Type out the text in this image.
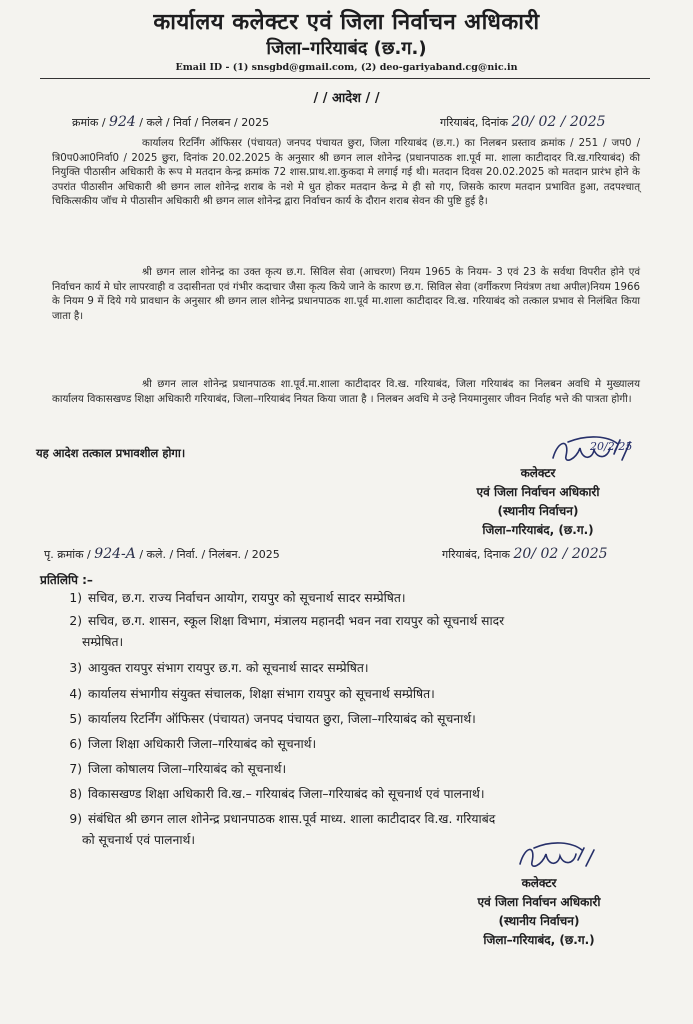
कार्यालय कलेक्टर एवं जिला निर्वाचन अधिकारी
जिला–गरियाबंद (छ.ग.)
Email ID - (1) snsgbd@gmail.com, (2) deo-gariyaband.cg@nic.in
/ / आदेश / /
क्रमांक / 924 / कले / निर्वा / निलबन / 2025	गरियाबंद, दिनांक 20/ 02 / 2025

कार्यालय रिटर्निंग ऑफिसर (पंचायत) जनपद पंचायत छुरा, जिला गरियाबंद (छ.ग.) का निलबन प्रस्ताव क्रमांक / 251 / जप0 / त्रि0प0आ0निर्वा0 / 2025 छुरा, दिनांक 20.02.2025 के अनुसार श्री छगन लाल शोनेन्द्र (प्रधानपाठक शा.पूर्व मा. शाला काटीदादर वि.ख.गरियाबंद) की नियुक्ति पीठासीन अधिकारी के रूप मे मतदान केन्द्र क्रमांक 72 शास.प्राथ.शा.कुकदा मे लगाई गई थी। मतदान दिवस 20.02.2025 को मतदान प्रारंभ होने के उपरांत पीठासीन अधिकारी श्री छगन लाल शोनेन्द्र शराब के नशे मे धुत होकर मतदान केन्द्र मे ही सो गए, जिसके कारण मतदान प्रभावित हुआ, तदपश्चात् चिकित्सकीय जॉच मे पीठासीन अधिकारी श्री छगन लाल शोनेन्द्र द्वारा निर्वाचन कार्य के दौरान शराब सेवन की पुष्टि हुई है।

श्री छगन लाल शोनेन्द्र का उक्त कृत्य छ.ग. सिविल सेवा (आचरण) नियम 1965 के नियम- 3 एवं 23 के सर्वथा विपरीत होने एवं निर्वाचन कार्य मे घोर लापरवाही व उदासीनता एवं गंभीर कदाचार जैसा कृत्य किये जाने के कारण छ.ग. सिविल सेवा (वर्गीकरण नियंत्रण तथा अपील)नियम 1966 के नियम 9 में दिये गये प्रावधान के अनुसार श्री छगन लाल शोनेन्द्र प्रधानपाठक शा.पूर्व मा.शाला काटीदादर वि.ख. गरियाबंद को तत्काल प्रभाव से निलंबित किया जाता है।

श्री छगन लाल शोनेन्द्र प्रधानपाठक शा.पूर्व.मा.शाला काटीदादर वि.ख. गरियाबंद, जिला गरियाबंद का निलबन अवधि मे मुख्यालय कार्यालय विकासखण्ड शिक्षा अधिकारी गरियाबंद, जिला–गरियाबंद नियत किया जाता है । निलबन अवधि मे उन्हे नियमानुसार जीवन निर्वाह भत्ते की पात्रता होगी।

यह आदेश तत्काल प्रभावशील होगा।	20/2/25
कलेक्टर
एवं जिला निर्वाचन अधिकारी
(स्थानीय निर्वाचन)
जिला–गरियाबंद, (छ.ग.)
पृ. क्रमांक / 924-A / कले. / निर्वा. / निलंबन. / 2025	गरियाबंद, दिनाक 20/ 02 / 2025
प्रतिलिपि :–
1) सचिव, छ.ग. राज्य निर्वाचन आयोग, रायपुर को सूचनार्थ सादर सम्प्रेषित।
2) सचिव, छ.ग. शासन, स्कूल शिक्षा विभाग, मंत्रालय महानदी भवन नवा रायपुर को सूचनार्थ सादर
सम्प्रेषित।
3) आयुक्त रायपुर संभाग रायपुर छ.ग. को सूचनार्थ सादर सम्प्रेषित।
4) कार्यालय संभागीय संयुक्त संचालक, शिक्षा संभाग रायपुर को सूचनार्थ सम्प्रेषित।
5) कार्यालय रिटर्निंग ऑफिसर (पंचायत) जनपद पंचायत छुरा, जिला–गरियाबंद को सूचनार्थ।
6) जिला शिक्षा अधिकारी जिला–गरियाबंद को सूचनार्थ।
7) जिला कोषालय जिला–गरियाबंद को सूचनार्थ।
8) विकासखण्ड शिक्षा अधिकारी वि.ख.– गरियाबंद जिला–गरियाबंद को सूचनार्थ एवं पालनार्थ।
9) संबंधित श्री छगन लाल शोनेन्द्र प्रधानपाठक शास.पूर्व माध्य. शाला काटीदादर वि.ख. गरियाबंद
को सूचनार्थ एवं पालनार्थ।
कलेक्टर
एवं जिला निर्वाचन अधिकारी
(स्थानीय निर्वाचन)
जिला–गरियाबंद, (छ.ग.)
